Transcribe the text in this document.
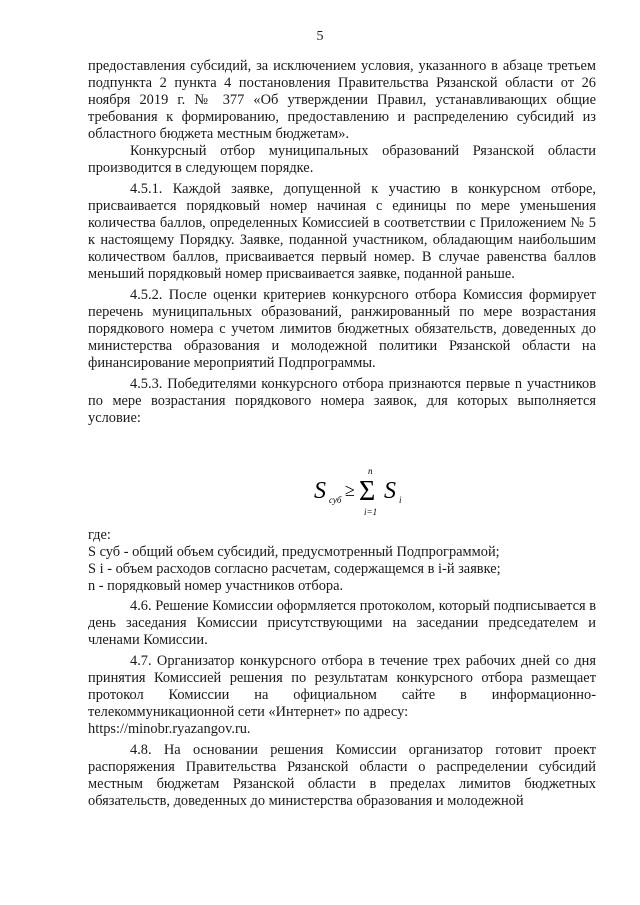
5

предоставления субсидий, за исключением условия, указанного в абзаце третьем подпункта 2 пункта 4 постановления Правительства Рязанской области от 26 ноября 2019 г. № 377 «Об утверждении Правил, устанавливающих общие требования к формированию, предоставлению и распределению субсидий из областного бюджета местным бюджетам».

Конкурсный отбор муниципальных образований Рязанской области производится в следующем порядке.

4.5.1. Каждой заявке, допущенной к участию в конкурсном отборе, присваивается порядковый номер начиная с единицы по мере уменьшения количества баллов, определенных Комиссией в соответствии с Приложением № 5 к настоящему Порядку. Заявке, поданной участником, обладающим наибольшим количеством баллов, присваивается первый номер. В случае равенства баллов меньший порядковый номер присваивается заявке, поданной раньше.

4.5.2. После оценки критериев конкурсного отбора Комиссия формирует перечень муниципальных образований, ранжированный по мере возрастания порядкового номера с учетом лимитов бюджетных обязательств, доведенных до министерства образования и молодежной политики Рязанской области на финансирование мероприятий Подпрограммы.

4.5.3. Победителями конкурсного отбора признаются первые n участников по мере возрастания порядкового номера заявок, для которых выполняется условие:

S суб ≥
n
Σ
i=1
S i

где:

S суб - общий объем субсидий, предусмотренный Подпрограммой;

S i - объем расходов согласно расчетам, содержащемся в i-й заявке;

n - порядковый номер участников отбора.

4.6. Решение Комиссии оформляется протоколом, который подписывается в день заседания Комиссии присутствующими на заседании председателем и членами Комиссии.

4.7. Организатор конкурсного отбора в течение трех рабочих дней со дня принятия Комиссией решения по результатам конкурсного отбора размещает протокол Комиссии на официальном сайте в информационно-телекоммуникационной сети «Интернет» по адресу:

https://minobr.ryazangov.ru.

4.8. На основании решения Комиссии организатор готовит проект распоряжения Правительства Рязанской области о распределении субсидий местным бюджетам Рязанской области в пределах лимитов бюджетных обязательств, доведенных до министерства образования и молодежной
